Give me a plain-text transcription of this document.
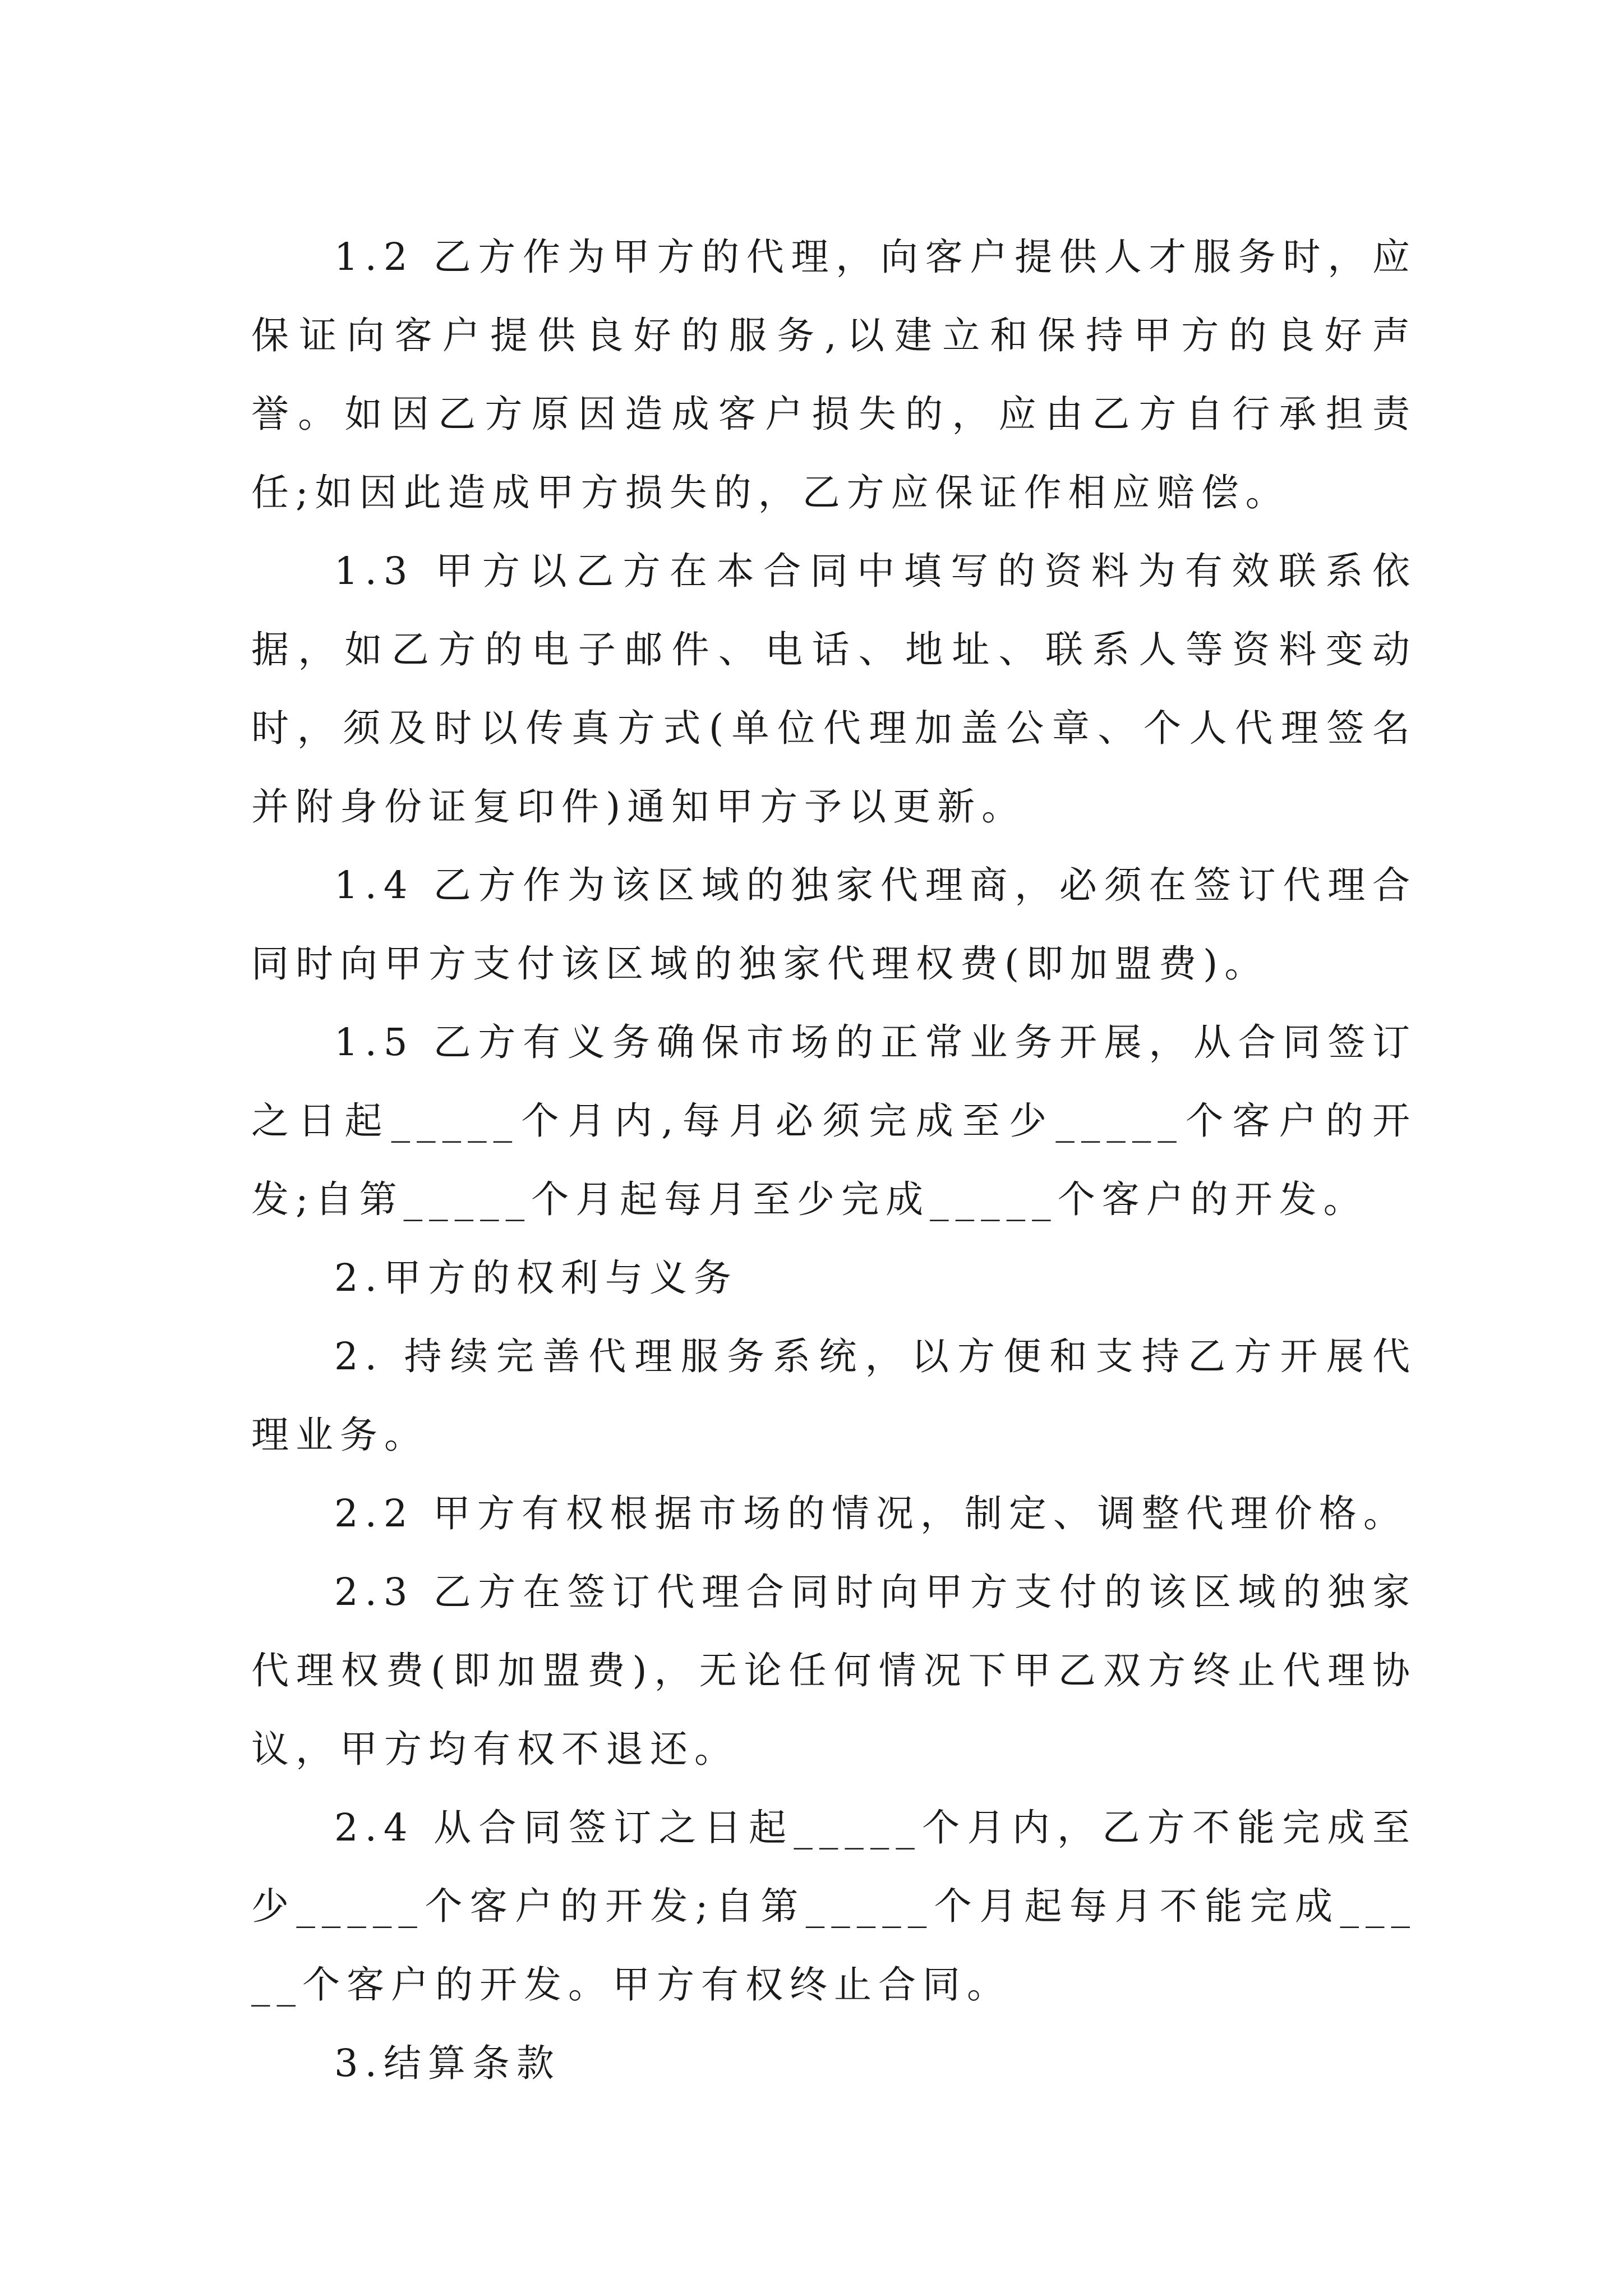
1.2 乙方作为甲方的代理，向客户提供人才服务时，应保证向客户提供良好的服务,以建立和保持甲方的良好声誉。如因乙方原因造成客户损失的，应由乙方自行承担责任;如因此造成甲方损失的，乙方应保证作相应赔偿。

1.3 甲方以乙方在本合同中填写的资料为有效联系依据，如乙方的电子邮件、电话、地址、联系人等资料变动时，须及时以传真方式(单位代理加盖公章、个人代理签名并附身份证复印件)通知甲方予以更新。

1.4 乙方作为该区域的独家代理商，必须在签订代理合同时向甲方支付该区域的独家代理权费(即加盟费)。

1.5 乙方有义务确保市场的正常业务开展，从合同签订之日起_____个月内,每月必须完成至少_____个客户的开发;自第_____个月起每月至少完成_____个客户的开发。

2.甲方的权利与义务

2. 持续完善代理服务系统，以方便和支持乙方开展代理业务。

2.2 甲方有权根据市场的情况，制定、调整代理价格。

2.3 乙方在签订代理合同时向甲方支付的该区域的独家代理权费(即加盟费)，无论任何情况下甲乙双方终止代理协议，甲方均有权不退还。

2.4 从合同签订之日起_____个月内，乙方不能完成至少_____个客户的开发;自第_____个月起每月不能完成_____个客户的开发。甲方有权终止合同。

3.结算条款
